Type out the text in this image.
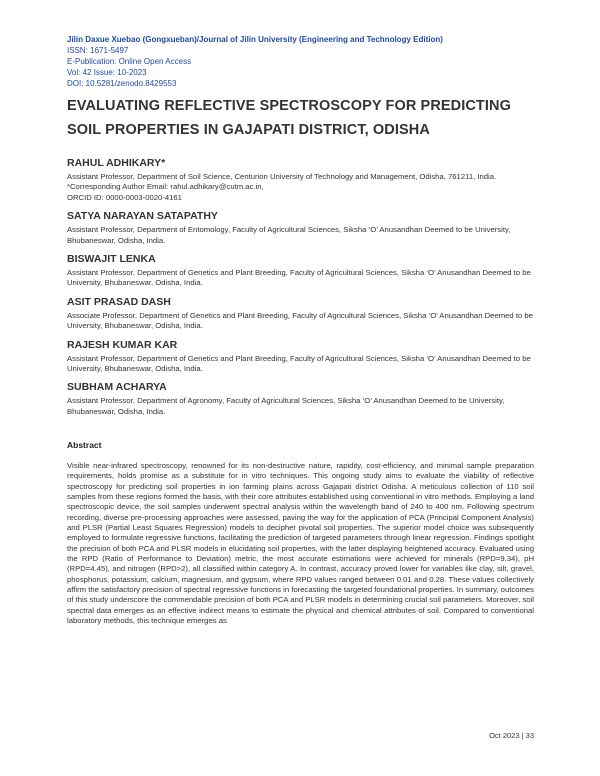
Jilin Daxue Xuebao (Gongxueban)/Journal of Jilin University (Engineering and Technology Edition)
ISSN: 1671-5497
E-Publication: Online Open Access
Vol: 42 Issue: 10-2023
DOI: 10.5281/zenodo.8429553
EVALUATING REFLECTIVE SPECTROSCOPY FOR PREDICTING SOIL PROPERTIES IN GAJAPATI DISTRICT, ODISHA
RAHUL ADHIKARY*
Assistant Professor, Department of Soil Science, Centurion University of Technology and Management, Odisha, 761211, India. *Corresponding Author Email: rahul.adhikary@cutm.ac.in,
ORCID ID: 0000-0003-0020-4161
SATYA NARAYAN SATAPATHY
Assistant Professor, Department of Entomology, Faculty of Agricultural Sciences, Siksha ‘O’ Anusandhan Deemed to be University, Bhubaneswar, Odisha, India.
BISWAJIT LENKA
Assistant Professor, Department of Genetics and Plant Breeding, Faculty of Agricultural Sciences, Siksha ‘O’ Anusandhan Deemed to be University, Bhubaneswar, Odisha, India.
ASIT PRASAD DASH
Associate Professor, Department of Genetics and Plant Breeding, Faculty of Agricultural Sciences, Siksha ‘O’ Anusandhan Deemed to be University, Bhubaneswar, Odisha, India.
RAJESH KUMAR KAR
Assistant Professor, Department of Genetics and Plant Breeding, Faculty of Agricultural Sciences, Siksha ‘O’ Anusandhan Deemed to be University, Bhubaneswar, Odisha, India.
SUBHAM ACHARYA
Assistant Professor, Department of Agronomy, Faculty of Agricultural Sciences, Siksha ‘O’ Anusandhan Deemed to be University, Bhubaneswar, Odisha, India.
Abstract
Visible near-infrared spectroscopy, renowned for its non-destructive nature, rapidity, cost-efficiency, and minimal sample preparation requirements, holds promise as a substitute for in vitro techniques. This ongoing study aims to evaluate the viability of reflective spectroscopy for predicting soil properties in ion farming plains across Gajapati district Odisha. A meticulous collection of 110 soil samples from these regions formed the basis, with their core attributes established using conventional in vitro methods. Employing a land spectroscopic device, the soil samples underwent spectral analysis within the wavelength band of 240 to 400 nm. Following spectrum recording, diverse pre-processing approaches were assessed, paving the way for the application of PCA (Principal Component Analysis) and PLSR (Partial Least Squares Regression) models to decipher pivotal soil properties. The superior model choice was subsequently employed to formulate regressive functions, facilitating the prediction of targeted parameters through linear regression. Findings spotlight the precision of both PCA and PLSR models in elucidating soil properties, with the latter displaying heightened accuracy. Evaluated using the RPD (Ratio of Performance to Deviation) metric, the most accurate estimations were achieved for minerals (RPD=9.34), pH (RPD=4.45), and nitrogen (RPD>2), all classified within category A. In contrast, accuracy proved lower for variables like clay, silt, gravel, phosphorus, potassium, calcium, magnesium, and gypsum, where RPD values ranged between 0.01 and 0.28. These values collectively affirm the satisfactory precision of spectral regressive functions in forecasting the targeted foundational properties. In summary, outcomes of this study underscore the commendable precision of both PCA and PLSR models in determining crucial soil parameters. Moreover, soil spectral data emerges as an effective indirect means to estimate the physical and chemical attributes of soil. Compared to conventional laboratory methods, this technique emerges as
Oct 2023 | 33
